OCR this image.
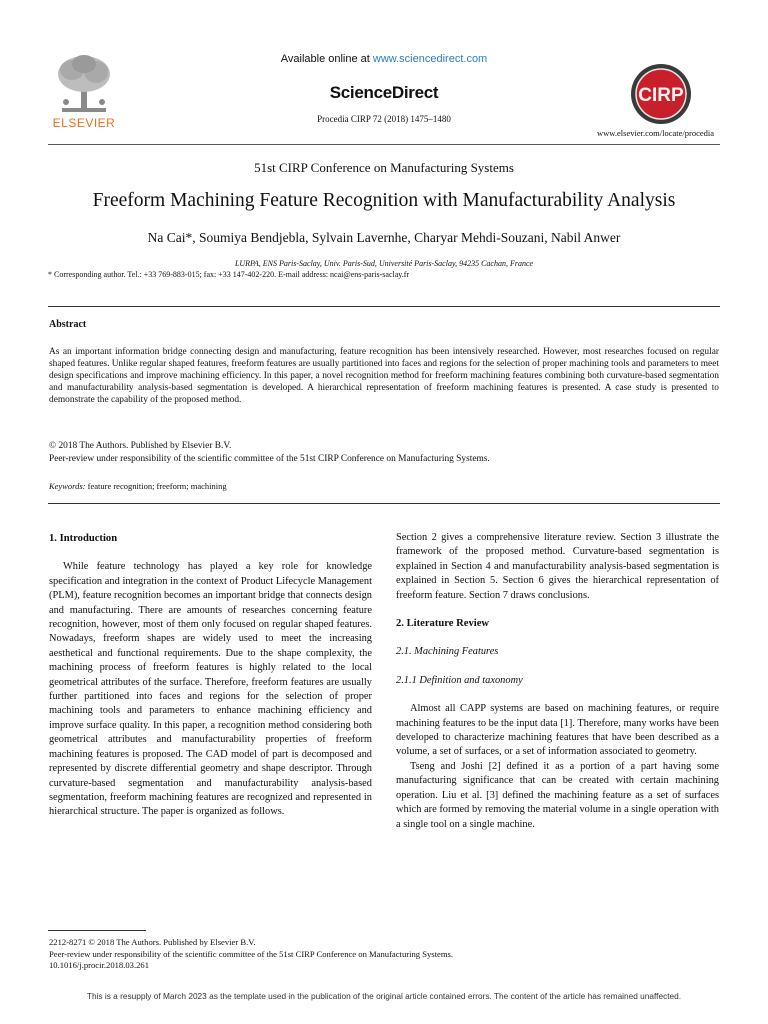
ELSEVIER
Available online at www.sciencedirect.com
ScienceDirect
Procedia CIRP 72 (2018) 1475–1480
CIRP
www.elsevier.com/locate/procedia
51st CIRP Conference on Manufacturing Systems
Freeform Machining Feature Recognition with Manufacturability Analysis
Na Cai*, Soumiya Bendjebla, Sylvain Lavernhe, Charyar Mehdi-Souzani, Nabil Anwer
LURPA, ENS Paris-Saclay, Univ. Paris-Sud, Université Paris-Saclay, 94235 Cachan, France
* Corresponding author. Tel.: +33 769-883-015; fax: +33 147-402-220. E-mail address: ncai@ens-paris-saclay.fr
Abstract
As an important information bridge connecting design and manufacturing, feature recognition has been intensively researched. However, most researches focused on regular shaped features. Unlike regular shaped features, freeform features are usually partitioned into faces and regions for the selection of proper machining tools and parameters to meet design specifications and improve machining efficiency. In this paper, a novel recognition method for freeform machining features combining both curvature-based segmentation and manufacturability analysis-based segmentation is developed. A hierarchical representation of freeform machining features is presented. A case study is presented to demonstrate the capability of the proposed method.
© 2018 The Authors. Published by Elsevier B.V.
Peer-review under responsibility of the scientific committee of the 51st CIRP Conference on Manufacturing Systems.
Keywords: feature recognition; freeform; machining
1. Introduction

While feature technology has played a key role for knowledge specification and integration in the context of Product Lifecycle Management (PLM), feature recognition becomes an important bridge that connects design and manufacturing. There are amounts of researches concerning feature recognition, however, most of them only focused on regular shaped features. Nowadays, freeform shapes are widely used to meet the increasing aesthetical and functional requirements. Due to the shape complexity, the machining process of freeform features is highly related to the local geometrical attributes of the surface. Therefore, freeform features are usually further partitioned into faces and regions for the selection of proper machining tools and parameters to enhance machining efficiency and improve surface quality. In this paper, a recognition method considering both geometrical attributes and manufacturability properties of freeform machining features is proposed. The CAD model of part is decomposed and represented by discrete differential geometry and shape descriptor. Through curvature-based segmentation and manufacturability analysis-based segmentation, freeform machining features are recognized and represented in hierarchical structure. The paper is organized as follows.

Section 2 gives a comprehensive literature review. Section 3 illustrate the framework of the proposed method. Curvature-based segmentation is explained in Section 4 and manufacturability analysis-based segmentation is explained in Section 5. Section 6 gives the hierarchical representation of freeform feature. Section 7 draws conclusions.

2. Literature Review
2.1. Machining Features
2.1.1 Definition and taxonomy

Almost all CAPP systems are based on machining features, or require machining features to be the input data [1]. Therefore, many works have been developed to characterize machining features that have been described as a volume, a set of surfaces, or a set of information associated to geometry.

Tseng and Joshi [2] defined it as a portion of a part having some manufacturing significance that can be created with certain machining operation. Liu et al. [3] defined the machining feature as a set of surfaces which are formed by removing the material volume in a single operation with a single tool on a single machine.

2212-8271 © 2018 The Authors. Published by Elsevier B.V.
Peer-review under responsibility of the scientific committee of the 51st CIRP Conference on Manufacturing Systems.
10.1016/j.procir.2018.03.261
This is a resupply of March 2023 as the template used in the publication of the original article contained errors. The content of the article has remained unaffected.
